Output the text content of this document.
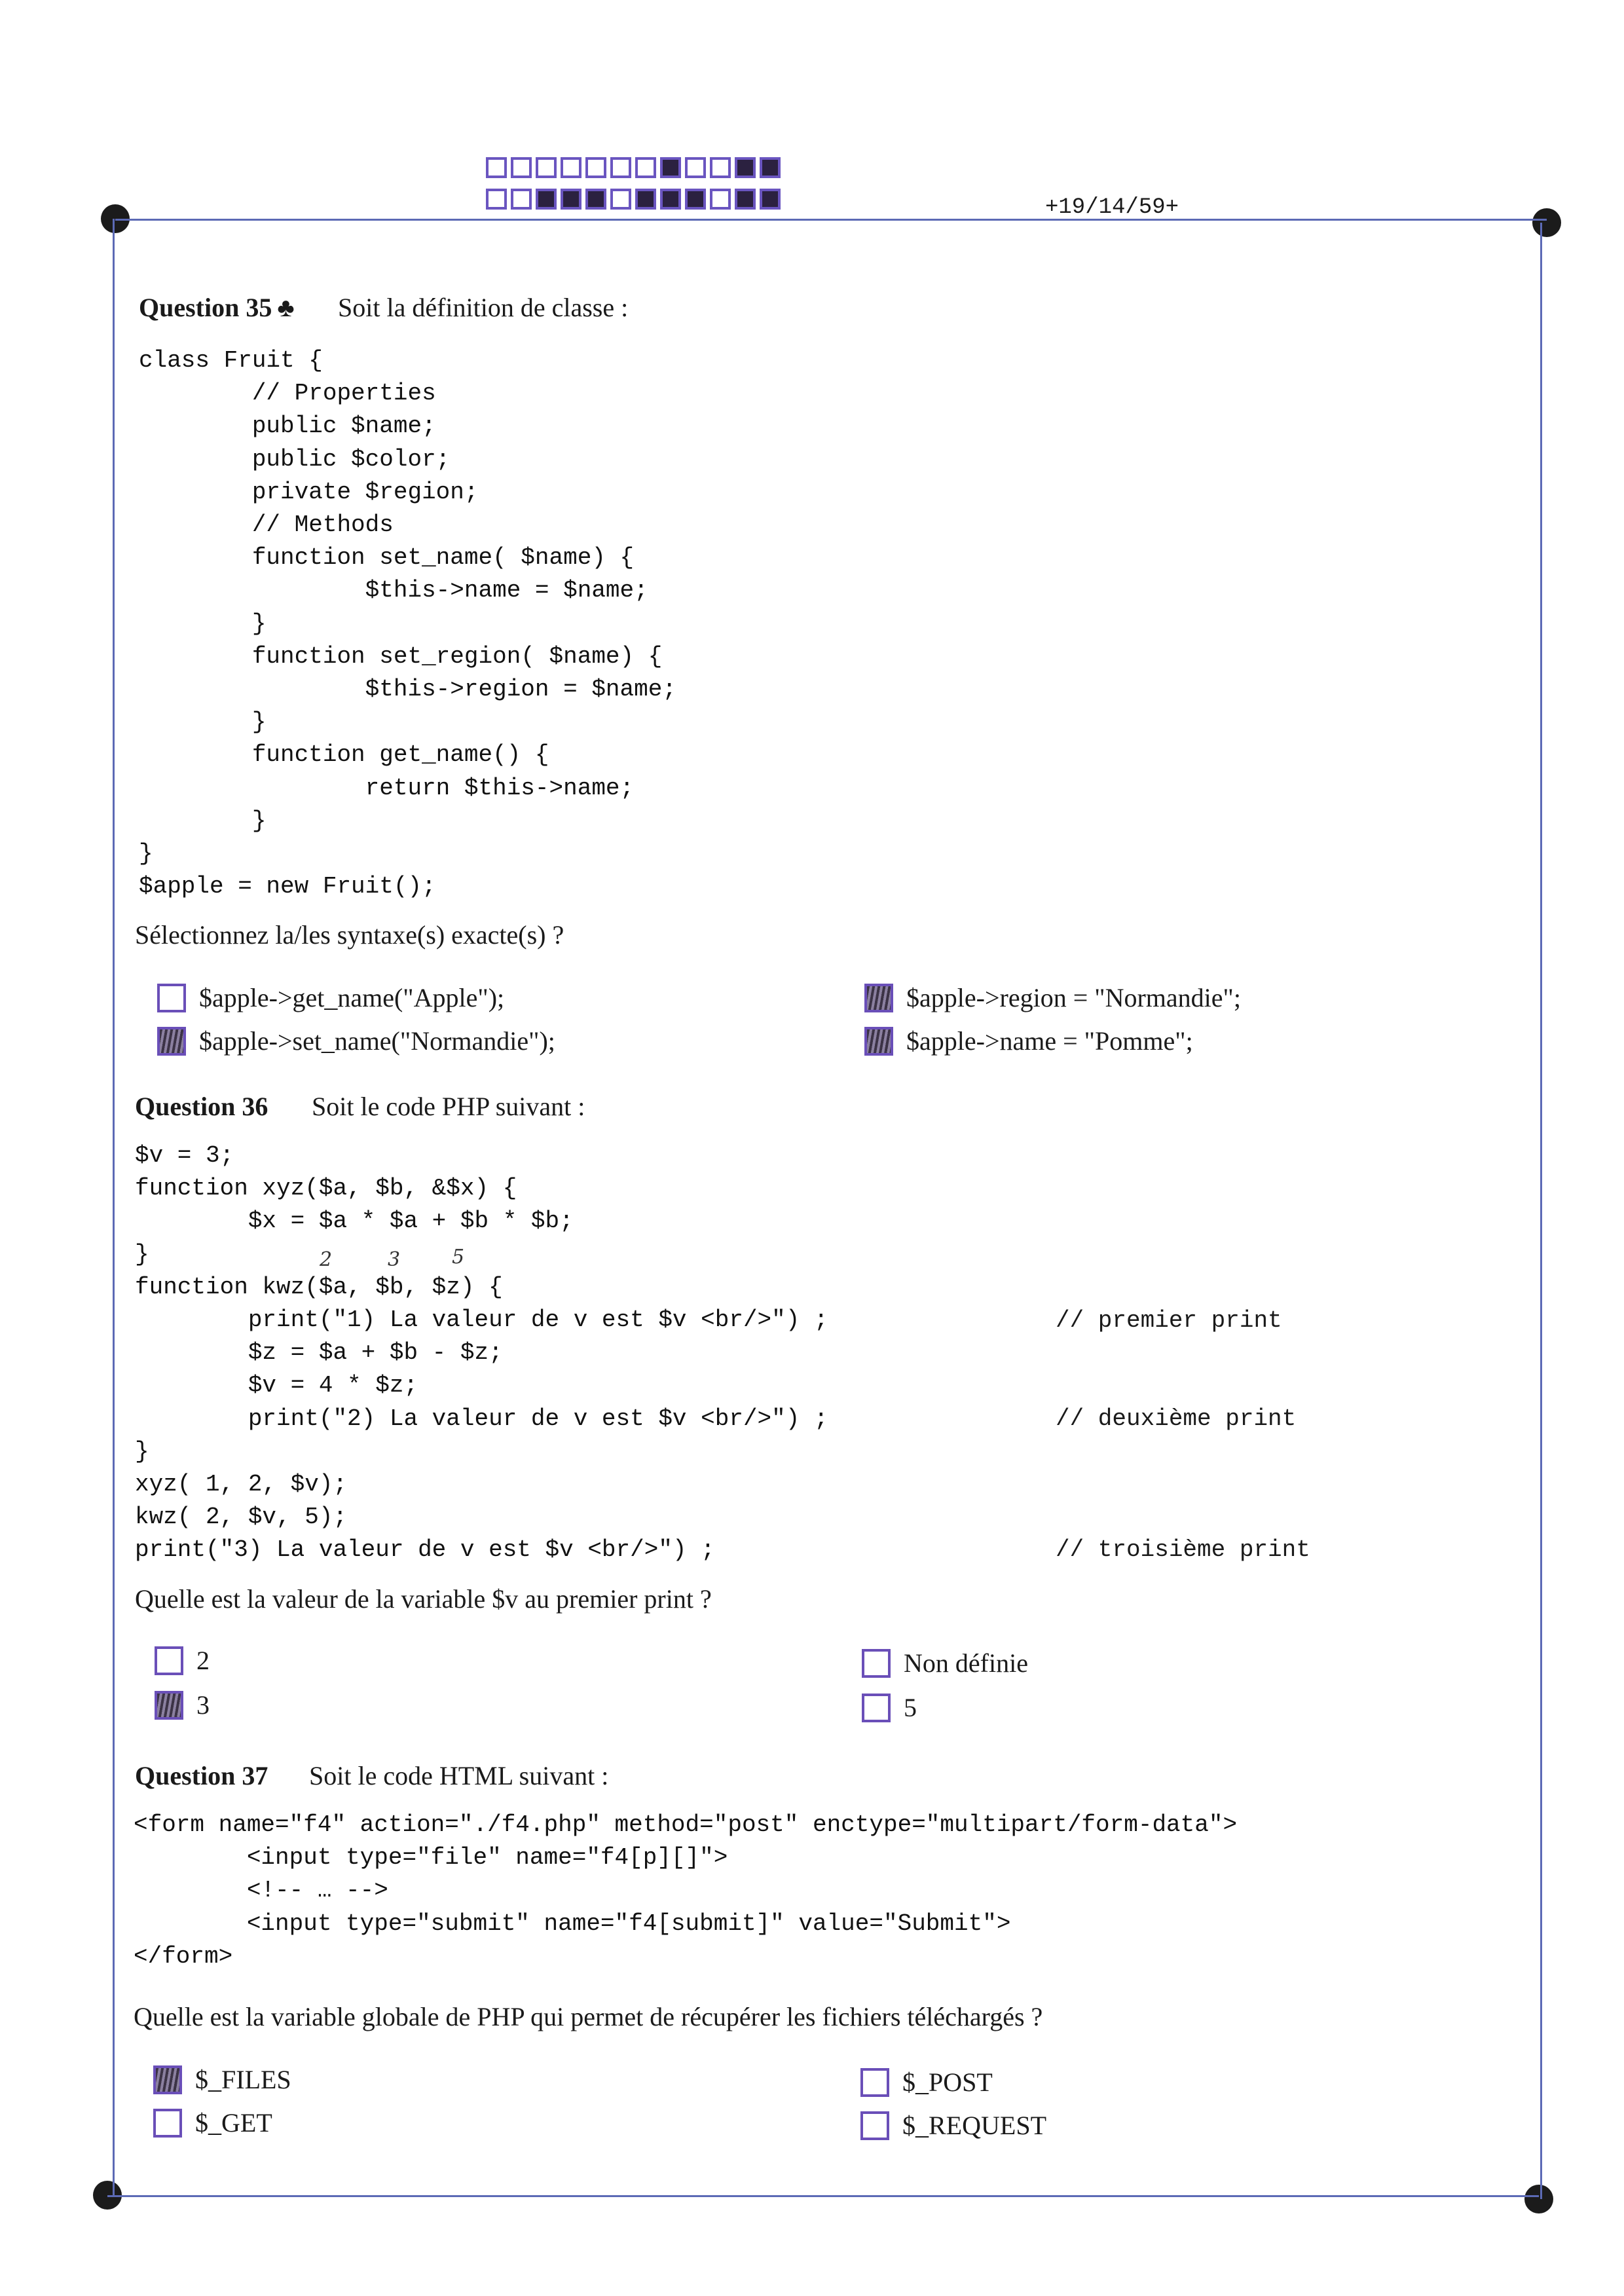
+19/14/59+
Question 35 ♣ Soit la définition de classe :
class Fruit {
// Properties
public $name;
public $color;
private $region;
// Methods
function set_name( $name) {
$this->name = $name;
}
function set_region( $name) {
$this->region = $name;
}
function get_name() {
return $this->name;
}
}
$apple = new Fruit();
Sélectionnez la/les syntaxe(s) exacte(s) ?
$apple->get_name("Apple");
$apple->set_name("Normandie");
$apple->region = "Normandie";
$apple->name = "Pomme";
Question 36 Soit le code PHP suivant :
$v = 3;
function xyz($a, $b, &$x) {
$x = $a * $a + $b * $b;
}
function kwz($a, $b, $z) {
print("1) La valeur de v est $v <br/>") ;
$z = $a + $b - $z;
$v = 4 * $z;
print("2) La valeur de v est $v <br/>") ;
}
xyz( 1, 2, $v);
kwz( 2, $v, 5);
print("3) La valeur de v est $v <br/>") ;
// premier print
// deuxième print
// troisième print
2	3	5
Quelle est la valeur de la variable $v au premier print ?
2
3
Non définie
5
Question 37 Soit le code HTML suivant :
<form name="f4" action="./f4.php" method="post" enctype="multipart/form-data">
<input type="file" name="f4[p][]">
<!-- … -->
<input type="submit" name="f4[submit]" value="Submit">
</form>
Quelle est la variable globale de PHP qui permet de récupérer les fichiers téléchargés ?
$_FILES
$_GET
$_POST
$_REQUEST
